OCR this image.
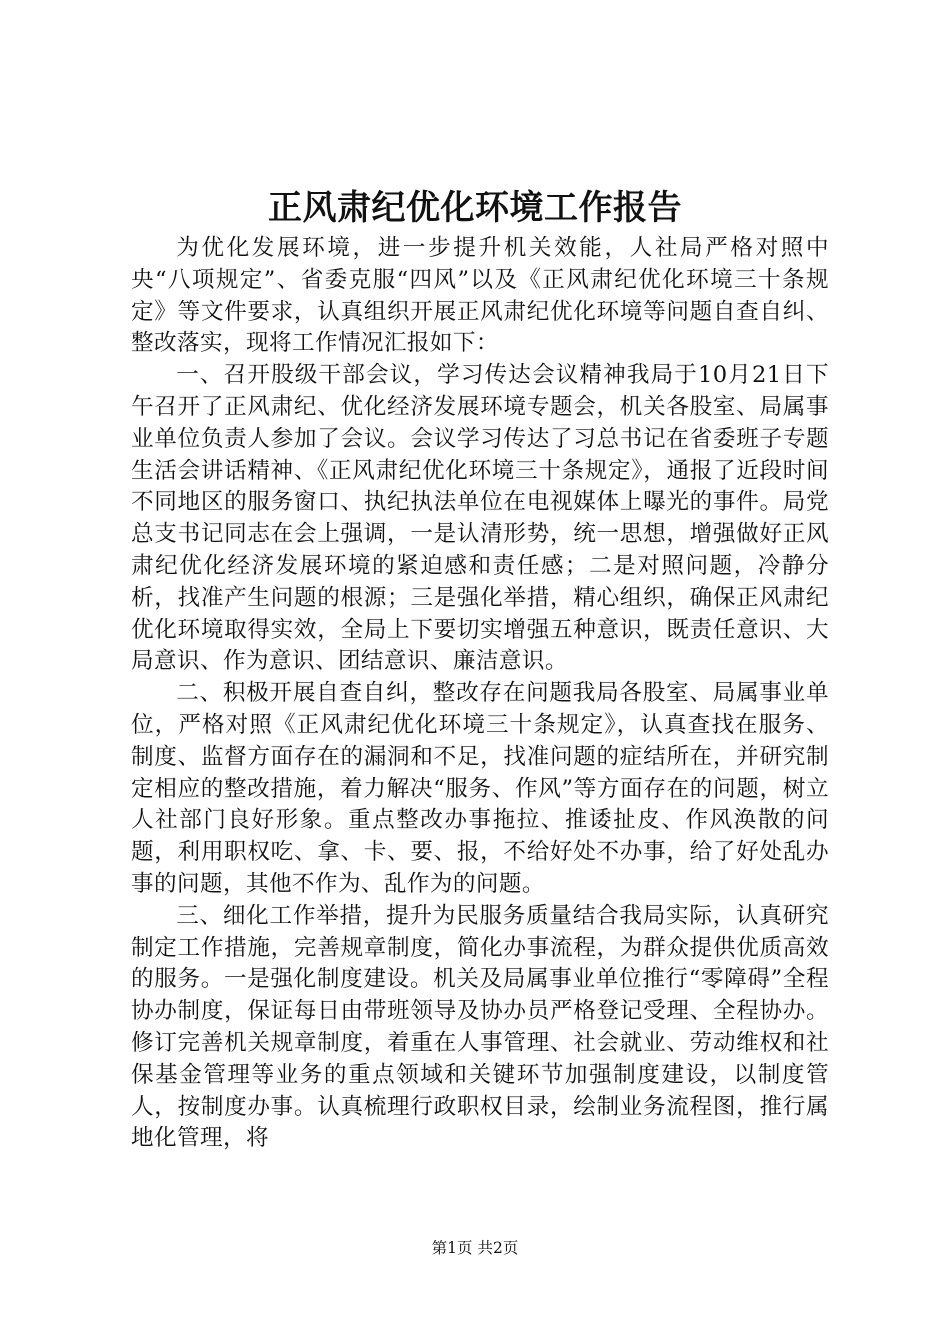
正风肃纪优化环境工作报告

为优化发展环境，进一步提升机关效能，人社局严格对照中央“八项规定”、省委克服“四风”以及《正风肃纪优化环境三十条规定》等文件要求，认真组织开展正风肃纪优化环境等问题自查自纠、整改落实，现将工作情况汇报如下：

一、召开股级干部会议，学习传达会议精神我局于10月21日下午召开了正风肃纪、优化经济发展环境专题会，机关各股室、局属事业单位负责人参加了会议。会议学习传达了习总书记在省委班子专题生活会讲话精神、《正风肃纪优化环境三十条规定》，通报了近段时间不同地区的服务窗口、执纪执法单位在电视媒体上曝光的事件。局党总支书记同志在会上强调，一是认清形势，统一思想，增强做好正风肃纪优化经济发展环境的紧迫感和责任感；二是对照问题，冷静分析，找准产生问题的根源；三是强化举措，精心组织，确保正风肃纪优化环境取得实效，全局上下要切实增强五种意识，既责任意识、大局意识、作为意识、团结意识、廉洁意识。

二、积极开展自查自纠，整改存在问题我局各股室、局属事业单位，严格对照《正风肃纪优化环境三十条规定》，认真查找在服务、制度、监督方面存在的漏洞和不足，找准问题的症结所在，并研究制定相应的整改措施，着力解决“服务、作风”等方面存在的问题，树立人社部门良好形象。重点整改办事拖拉、推诿扯皮、作风涣散的问题，利用职权吃、拿、卡、要、报，不给好处不办事，给了好处乱办事的问题，其他不作为、乱作为的问题。

三、细化工作举措，提升为民服务质量结合我局实际，认真研究制定工作措施，完善规章制度，简化办事流程，为群众提供优质高效的服务。一是强化制度建设。机关及局属事业单位推行“零障碍”全程协办制度，保证每日由带班领导及协办员严格登记受理、全程协办。修订完善机关规章制度，着重在人事管理、社会就业、劳动维权和社保基金管理等业务的重点领域和关键环节加强制度建设，以制度管人，按制度办事。认真梳理行政职权目录，绘制业务流程图，推行属地化管理，将

第1页 共2页
